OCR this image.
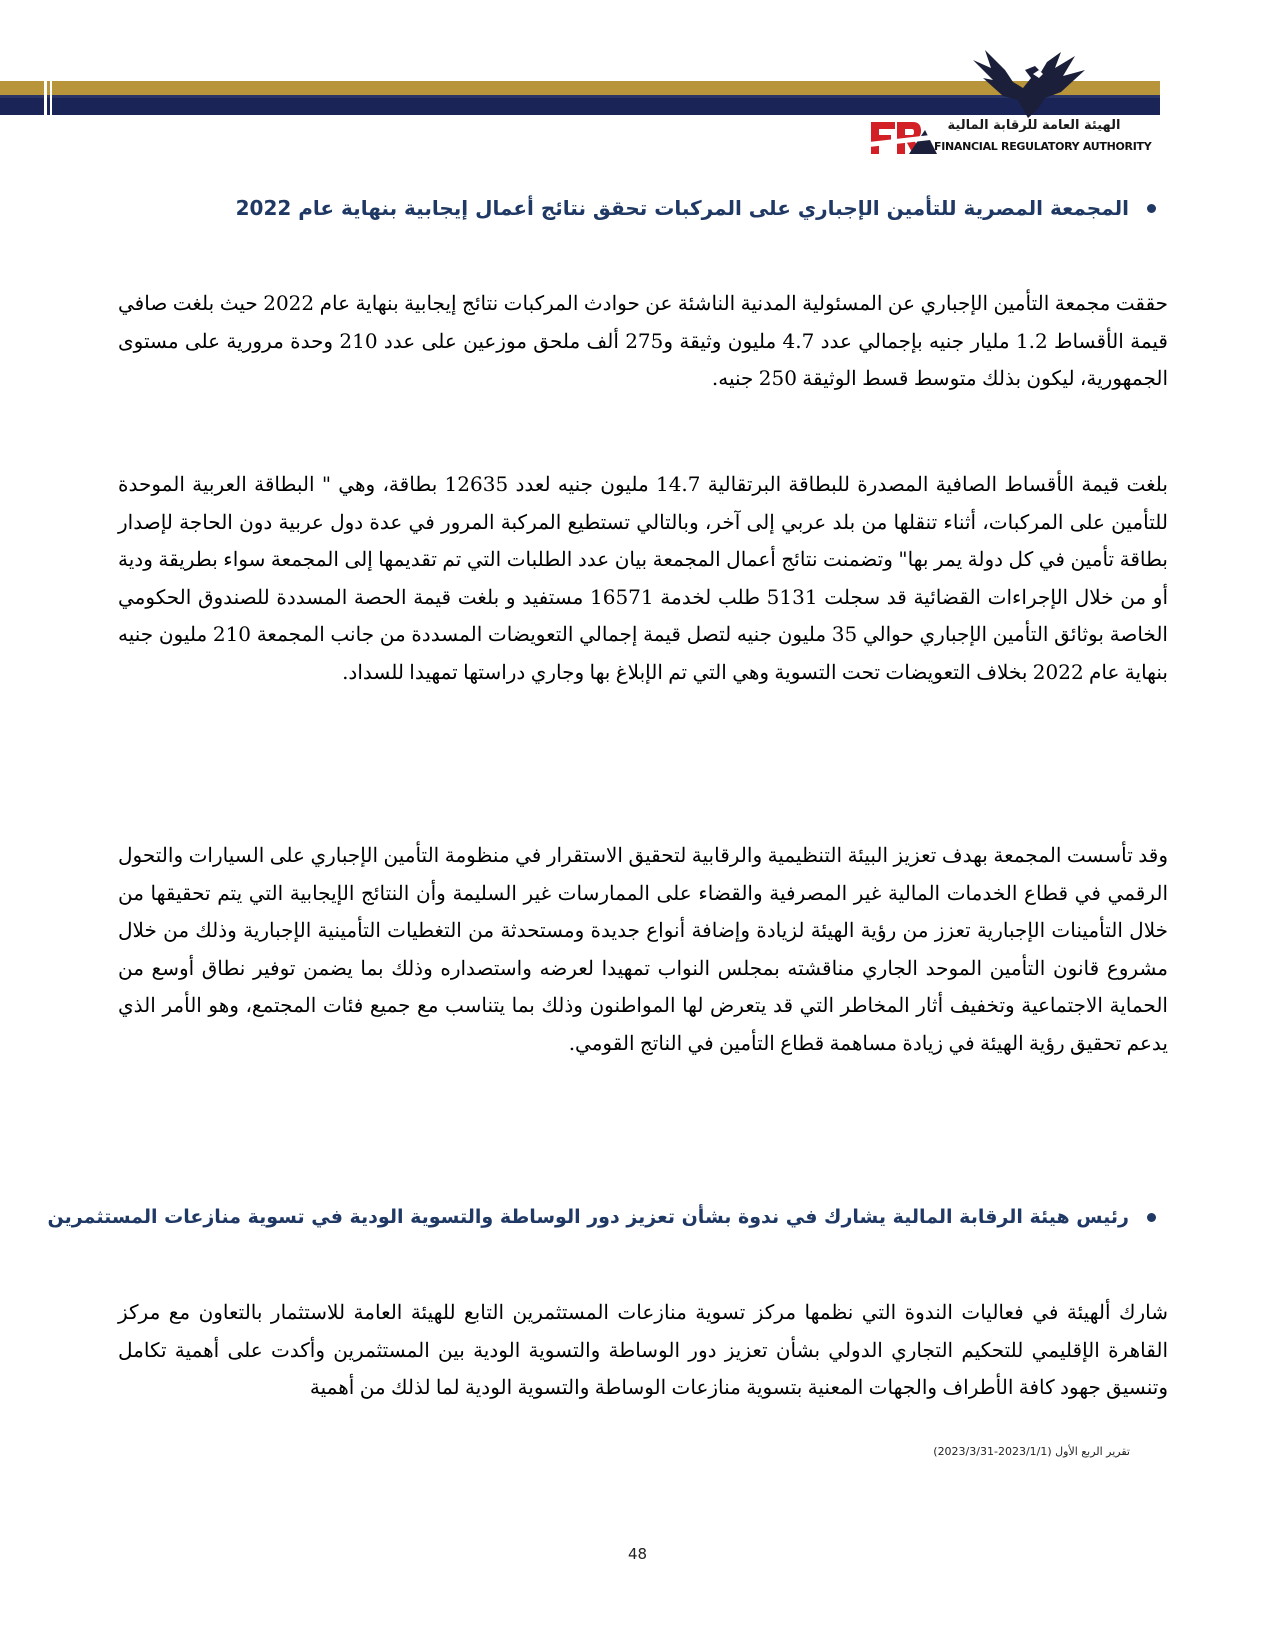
الهيئة العامة للرقابة المالية
FINANCIAL REGULATORY AUTHORITY
المجمعة المصرية للتأمين الإجباري على المركبات تحقق نتائج أعمال إيجابية بنهاية عام 2022

حققت مجمعة التأمين الإجباري عن المسئولية المدنية الناشئة عن حوادث المركبات نتائج إيجابية بنهاية عام 2022 حيث بلغت صافي قيمة الأقساط 1.2 مليار جنيه بإجمالي عدد 4.7 مليون وثيقة و275 ألف ملحق موزعين على عدد 210 وحدة مرورية على مستوى الجمهورية، ليكون بذلك متوسط قسط الوثيقة 250 جنيه.

بلغت قيمة الأقساط الصافية المصدرة للبطاقة البرتقالية 14.7 مليون جنيه لعدد 12635 بطاقة، وهي " البطاقة العربية الموحدة للتأمين على المركبات، أثناء تنقلها من بلد عربي إلى آخر، وبالتالي تستطيع المركبة المرور في عدة دول عربية دون الحاجة لإصدار بطاقة تأمين في كل دولة يمر بها" وتضمنت نتائج أعمال المجمعة بيان عدد الطلبات التي تم تقديمها إلى المجمعة سواء بطريقة ودية أو من خلال الإجراءات القضائية قد سجلت 5131 طلب لخدمة 16571 مستفيد و بلغت قيمة الحصة المسددة للصندوق الحكومي الخاصة بوثائق التأمين الإجباري حوالي 35 مليون جنيه لتصل قيمة إجمالي التعويضات المسددة من جانب المجمعة 210 مليون جنيه بنهاية عام 2022 بخلاف التعويضات تحت التسوية وهي التي تم الإبلاغ بها وجاري دراستها تمهيدا للسداد.

وقد تأسست المجمعة بهدف تعزيز البيئة التنظيمية والرقابية لتحقيق الاستقرار في منظومة التأمين الإجباري على السيارات والتحول الرقمي في قطاع الخدمات المالية غير المصرفية والقضاء على الممارسات غير السليمة وأن النتائج الإيجابية التي يتم تحقيقها من خلال التأمينات الإجبارية تعزز من رؤية الهيئة لزيادة وإضافة أنواع جديدة ومستحدثة من التغطيات التأمينية الإجبارية وذلك من خلال مشروع قانون التأمين الموحد الجاري مناقشته بمجلس النواب تمهيدا لعرضه واستصداره وذلك بما يضمن توفير نطاق أوسع من الحماية الاجتماعية وتخفيف أثار المخاطر التي قد يتعرض لها المواطنون وذلك بما يتناسب مع جميع فئات المجتمع، وهو الأمر الذي يدعم تحقيق رؤية الهيئة في زيادة مساهمة قطاع التأمين في الناتج القومي.

رئيس هيئة الرقابة المالية يشارك في ندوة بشأن تعزيز دور الوساطة والتسوية الودية في تسوية منازعات المستثمرين

شارك ألهيئة في فعاليات الندوة التي نظمها مركز تسوية منازعات المستثمرين التابع للهيئة العامة للاستثمار بالتعاون مع مركز القاهرة الإقليمي للتحكيم التجاري الدولي بشأن تعزيز دور الوساطة والتسوية الودية بين المستثمرين وأكدت على أهمية تكامل وتنسيق جهود كافة الأطراف والجهات المعنية بتسوية منازعات الوساطة والتسوية الودية لما لذلك من أهمية

تقرير الربع الأول (2023/1/1-2023/3/31)
48
